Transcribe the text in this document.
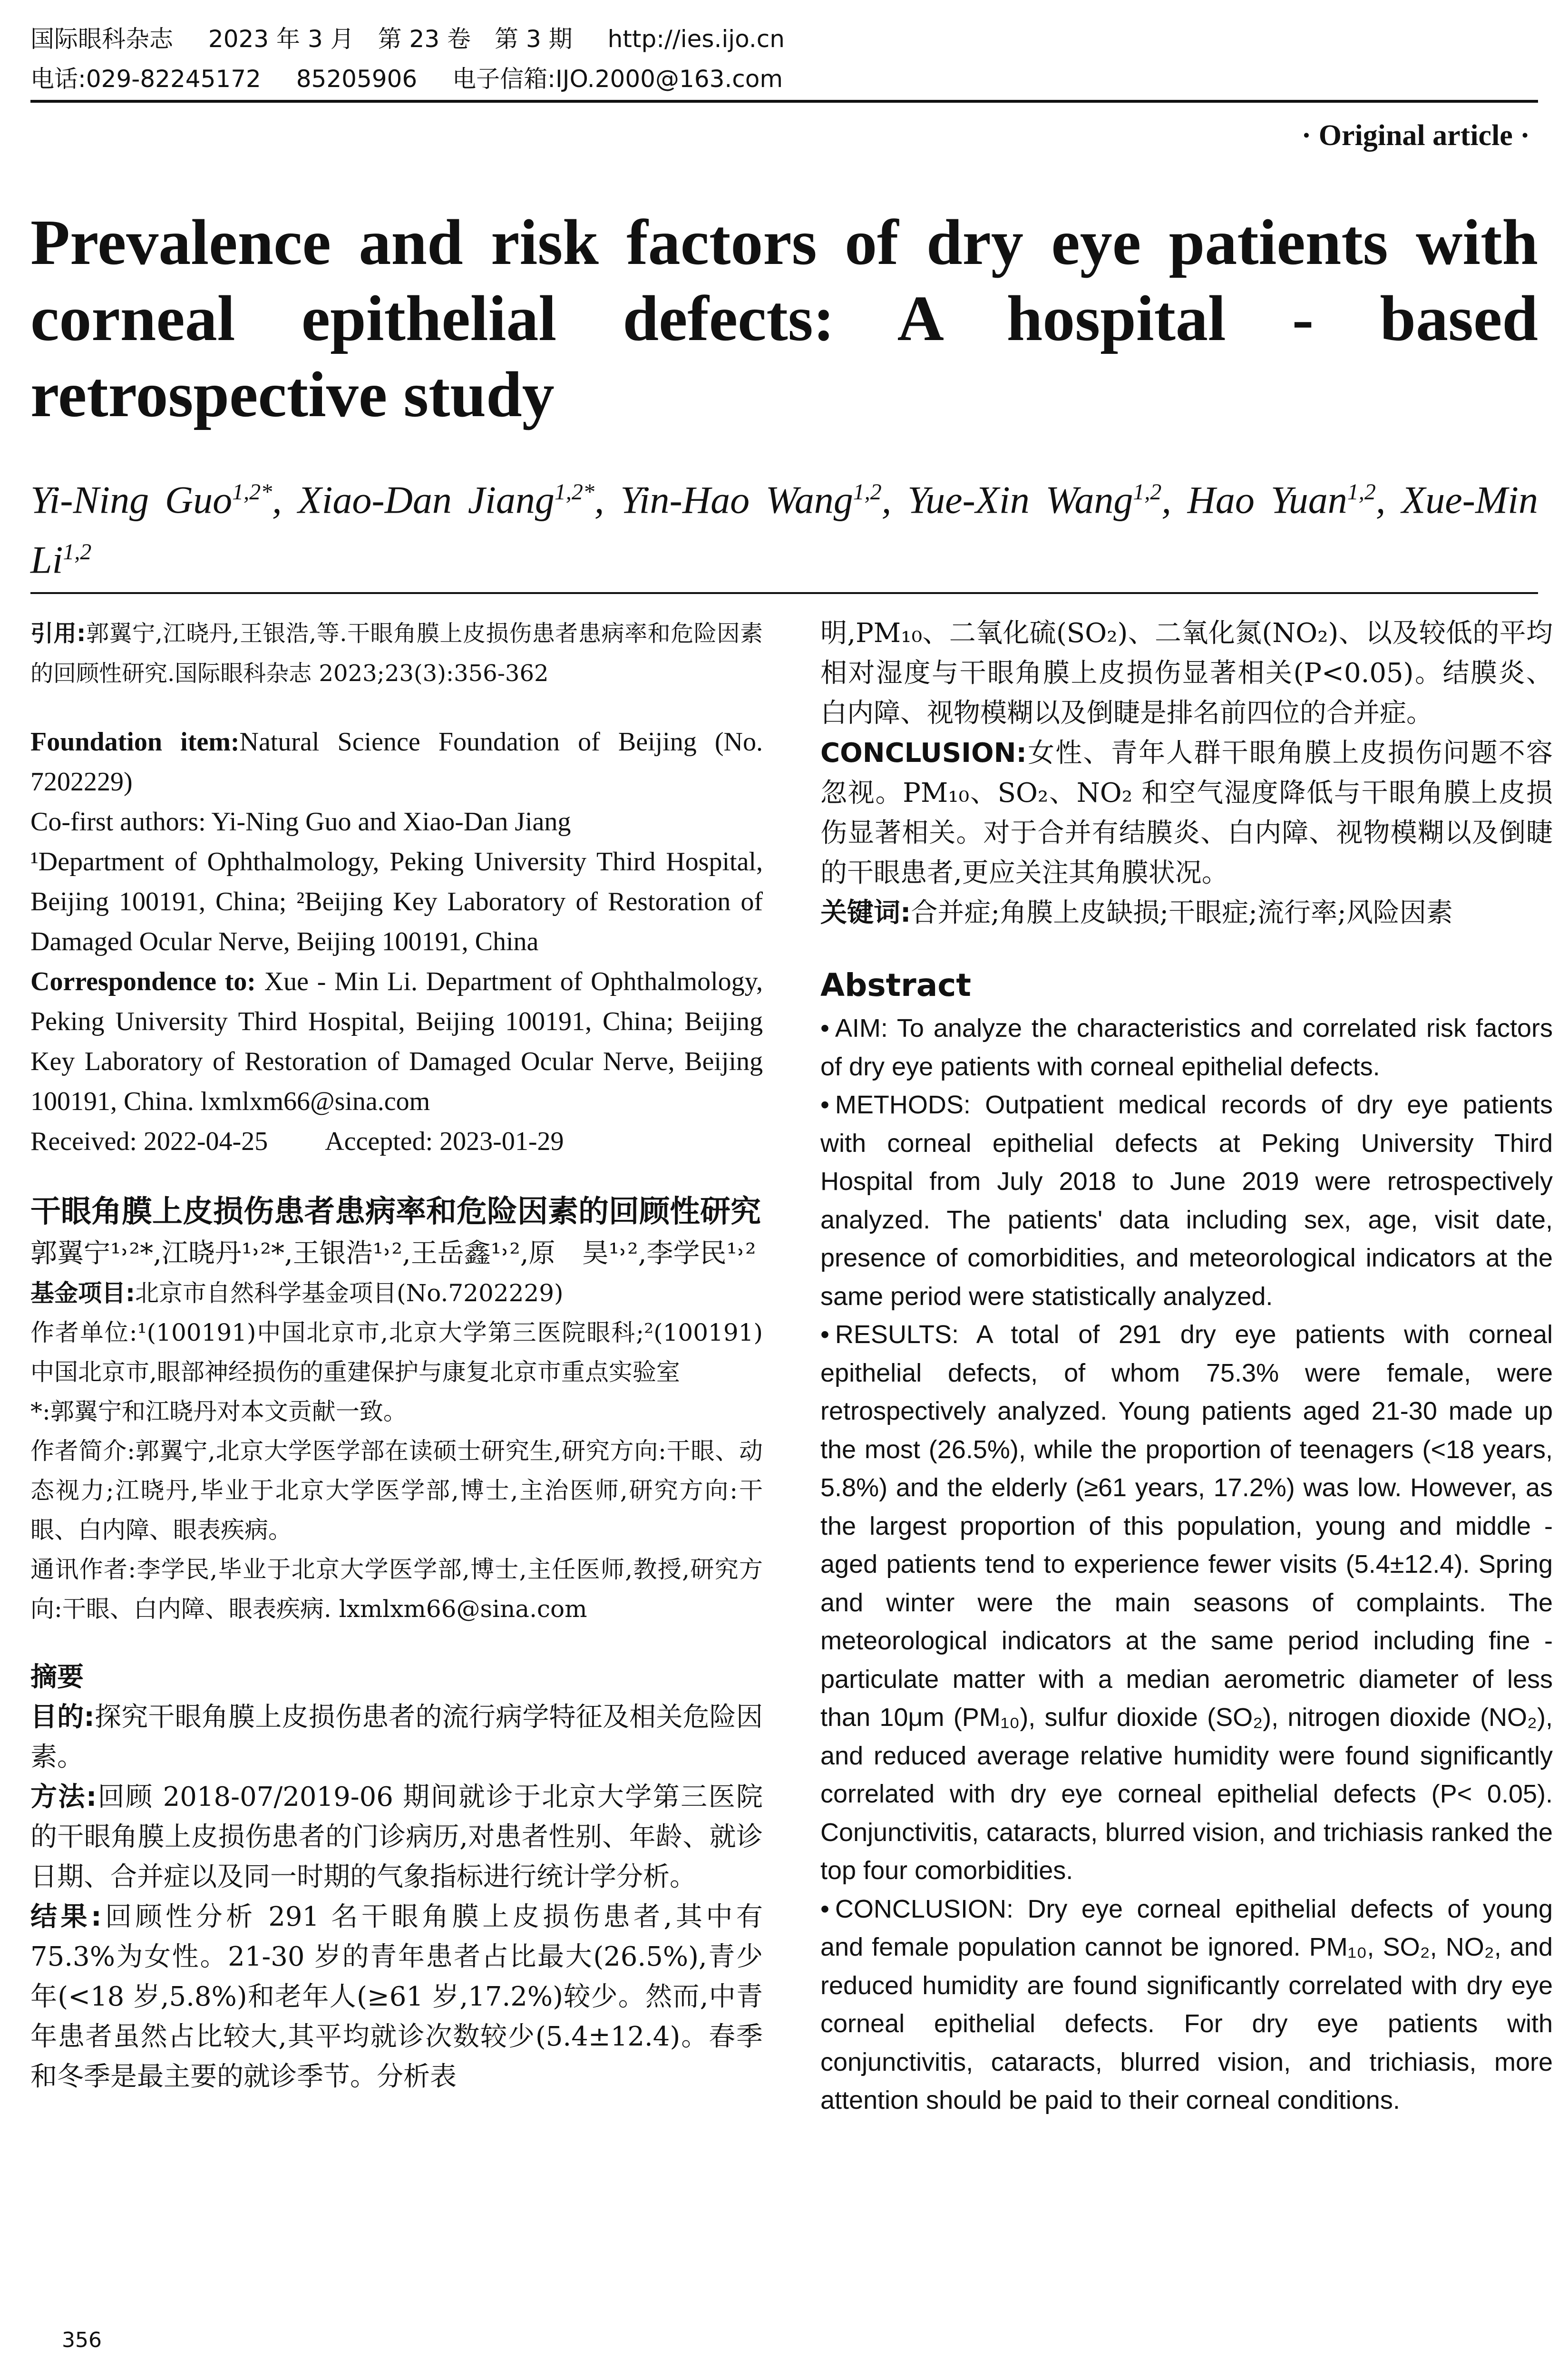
国际眼科杂志 2023 年 3 月　第 23 卷　第 3 期 http://ies.ijo.cn
电话:029-82245172 85205906 电子信箱:IJO.2000@163.com
· Original article ·
Prevalence and risk factors of dry eye patients with corneal epithelial defects: A hospital - based retrospective study
Yi-Ning Guo$^{1,2*}$, Xiao-Dan Jiang$^{1,2*}$, Yin-Hao Wang$^{1,2}$, Yue-Xin Wang$^{1,2}$, Hao Yuan$^{1,2}$, Xue-Min Li$^{1,2}$

引用:郭翼宁,江晓丹,王银浩,等.干眼角膜上皮损伤患者患病率和危险因素的回顾性研究.国际眼科杂志 2023;23(3):356-362

Foundation item:Natural Science Foundation of Beijing (No. 7202229)

Co-first authors: Yi-Ning Guo and Xiao-Dan Jiang

¹Department of Ophthalmology, Peking University Third Hospital, Beijing 100191, China; ²Beijing Key Laboratory of Restoration of Damaged Ocular Nerve, Beijing 100191, China

Correspondence to: Xue - Min Li. Department of Ophthalmology, Peking University Third Hospital, Beijing 100191, China; Beijing Key Laboratory of Restoration of Damaged Ocular Nerve, Beijing 100191, China. lxmlxm66@sina.com

Received: 2022-04-25 Accepted: 2023-01-29

干眼角膜上皮损伤患者患病率和危险因素的回顾性研究

郭翼宁¹˒²*,江晓丹¹˒²*,王银浩¹˒²,王岳鑫¹˒²,原　昊¹˒²,李学民¹˒²

基金项目:北京市自然科学基金项目(No.7202229)

作者单位:¹(100191)中国北京市,北京大学第三医院眼科;²(100191)中国北京市,眼部神经损伤的重建保护与康复北京市重点实验室

*:郭翼宁和江晓丹对本文贡献一致。

作者简介:郭翼宁,北京大学医学部在读硕士研究生,研究方向:干眼、动态视力;江晓丹,毕业于北京大学医学部,博士,主治医师,研究方向:干眼、白内障、眼表疾病。

通讯作者:李学民,毕业于北京大学医学部,博士,主任医师,教授,研究方向:干眼、白内障、眼表疾病. lxmlxm66@sina.com

摘要

目的:探究干眼角膜上皮损伤患者的流行病学特征及相关危险因素。

方法:回顾 2018-07/2019-06 期间就诊于北京大学第三医院的干眼角膜上皮损伤患者的门诊病历,对患者性别、年龄、就诊日期、合并症以及同一时期的气象指标进行统计学分析。

结果:回顾性分析 291 名干眼角膜上皮损伤患者,其中有 75.3%为女性。21-30 岁的青年患者占比最大(26.5%),青少年(<18 岁,5.8%)和老年人(≥61 岁,17.2%)较少。然而,中青年患者虽然占比较大,其平均就诊次数较少(5.4±12.4)。春季和冬季是最主要的就诊季节。分析表

明,PM₁₀、二氧化硫(SO₂)、二氧化氮(NO₂)、以及较低的平均相对湿度与干眼角膜上皮损伤显著相关(P<0.05)。结膜炎、白内障、视物模糊以及倒睫是排名前四位的合并症。

CONCLUSION:女性、青年人群干眼角膜上皮损伤问题不容忽视。PM₁₀、SO₂、NO₂ 和空气湿度降低与干眼角膜上皮损伤显著相关。对于合并有结膜炎、白内障、视物模糊以及倒睫的干眼患者,更应关注其角膜状况。

关键词:合并症;角膜上皮缺损;干眼症;流行率;风险因素

Abstract

• AIM: To analyze the characteristics and correlated risk factors of dry eye patients with corneal epithelial defects.

• METHODS: Outpatient medical records of dry eye patients with corneal epithelial defects at Peking University Third Hospital from July 2018 to June 2019 were retrospectively analyzed. The patients' data including sex, age, visit date, presence of comorbidities, and meteorological indicators at the same period were statistically analyzed.

• RESULTS: A total of 291 dry eye patients with corneal epithelial defects, of whom 75.3% were female, were retrospectively analyzed. Young patients aged 21-30 made up the most (26.5%), while the proportion of teenagers (<18 years, 5.8%) and the elderly (≥61 years, 17.2%) was low. However, as the largest proportion of this population, young and middle - aged patients tend to experience fewer visits (5.4±12.4). Spring and winter were the main seasons of complaints. The meteorological indicators at the same period including fine - particulate matter with a median aerometric diameter of less than 10μm (PM₁₀), sulfur dioxide (SO₂), nitrogen dioxide (NO₂), and reduced average relative humidity were found significantly correlated with dry eye corneal epithelial defects (P< 0.05). Conjunctivitis, cataracts, blurred vision, and trichiasis ranked the top four comorbidities.

• CONCLUSION: Dry eye corneal epithelial defects of young and female population cannot be ignored. PM₁₀, SO₂, NO₂, and reduced humidity are found significantly correlated with dry eye corneal epithelial defects. For dry eye patients with conjunctivitis, cataracts, blurred vision, and trichiasis, more attention should be paid to their corneal conditions.

356
